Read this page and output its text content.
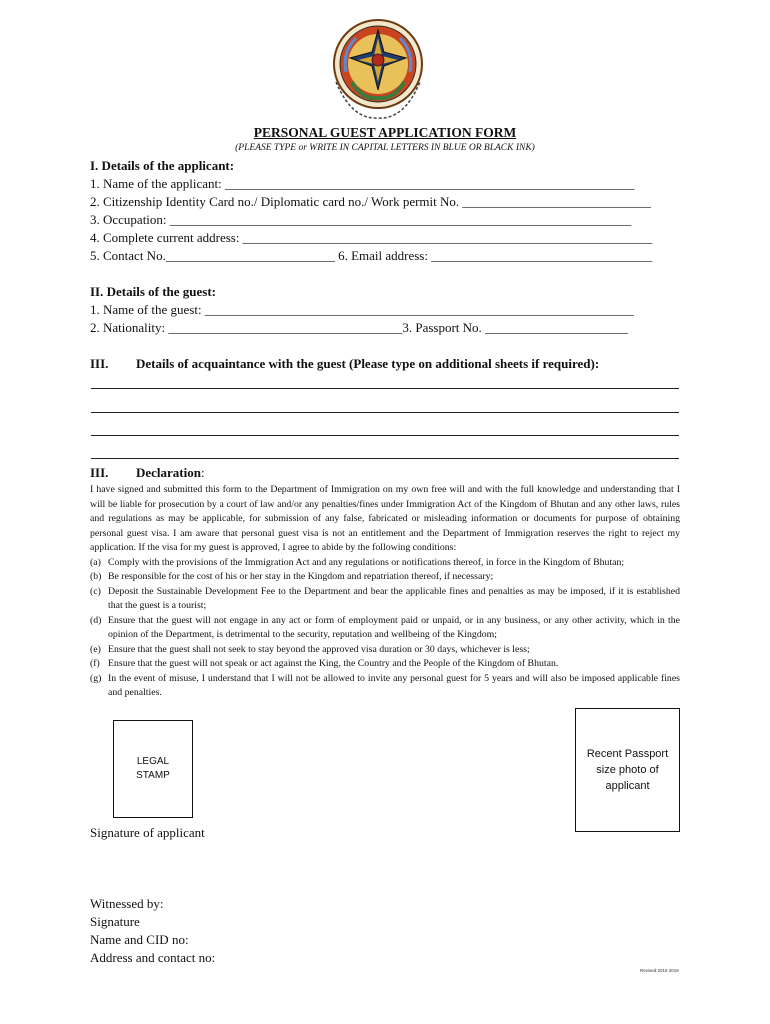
PERSONAL GUEST APPLICATION FORM
(PLEASE TYPE or WRITE IN CAPITAL LETTERS IN BLUE OR BLACK INK)
I. Details of the applicant:
1. Name of the applicant: _______________________________________________________________
2. Citizenship Identity Card no./ Diplomatic card no./ Work permit No. _____________________________
3. Occupation: _______________________________________________________________________
4. Complete current address: _______________________________________________________________
5. Contact No.__________________________ 6. Email address: __________________________________
II. Details of the guest:
1. Name of the guest: __________________________________________________________________
2. Nationality: ____________________________________3. Passport No. ______________________
III. Details of acquaintance with the guest (Please type on additional sheets if required):
III. Declaration:

I have signed and submitted this form to the Department of Immigration on my own free will and with the full knowledge and understanding that I will be liable for prosecution by a court of law and/or any penalties/fines under Immigration Act of the Kingdom of Bhutan and any other laws, rules and regulations as may be applicable, for submission of any false, fabricated or misleading information or documents for purpose of obtaining personal guest visa. I am aware that personal guest visa is not an entitlement and the Department of Immigration reserves the right to reject my application. If the visa for my guest is approved, I agree to abide by the following conditions:

(a) Comply with the provisions of the Immigration Act and any regulations or notifications thereof, in force in the Kingdom of Bhutan;
(b) Be responsible for the cost of his or her stay in the Kingdom and repatriation thereof, if necessary;
(c) Deposit the Sustainable Development Fee to the Department and bear the applicable fines and penalties as may be imposed, if it is established that the guest is a tourist;
(d) Ensure that the guest will not engage in any act or form of employment paid or unpaid, or in any business, or any other activity, which in the opinion of the Department, is detrimental to the security, reputation and wellbeing of the Kingdom;
(e) Ensure that the guest shall not seek to stay beyond the approved visa duration or 30 days, whichever is less;
(f) Ensure that the guest will not speak or act against the King, the Country and the People of the Kingdom of Bhutan.
(g) In the event of misuse, I understand that I will not be allowed to invite any personal guest for 5 years and will also be imposed applicable fines and penalties.
LEGAL
STAMP
Recent Passport
size photo of
applicant
Signature of applicant
Witnessed by:
Signature
Name and CID no:
Address and contact no:
Revised 2018 2018
